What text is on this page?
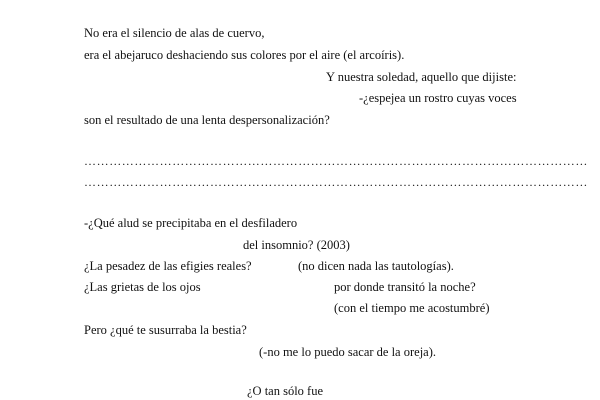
No era el silencio de alas de cuervo,
era el abejaruco deshaciendo sus colores por el aire (el arcoíris).
Y nuestra soledad, aquello que dijiste:
-¿espejea un rostro cuyas voces
son el resultado de una lenta despersonalización?
…………………………………………………………………………………………………………
…………………………………………………………………………………………………………
-¿Qué alud se precipitaba en el desfiladero
del insomnio? (2003)
¿La pesadez de las efigies reales?	(no dicen nada las tautologías).
¿Las grietas de los ojos	por donde transitó la noche?
(con el tiempo me acostumbré)
Pero ¿qué te susurraba la bestia?
(-no me lo puedo sacar de la oreja).
¿O tan sólo fue
